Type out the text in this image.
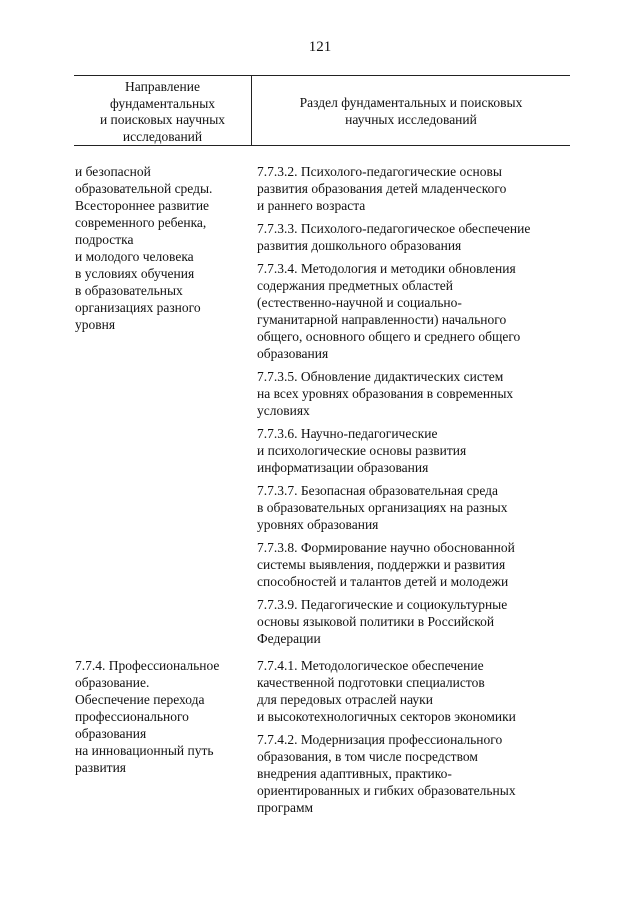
121
Направление
фундаментальных
и поисковых научных
исследований
Раздел фундаментальных и поисковых
научных исследований
и безопасной
образовательной среды.
Всестороннее развитие
современного ребенка,
подростка
и молодого человека
в условиях обучения
в образовательных
организациях разного
уровня
7.7.3.2. Психолого-педагогические основы
развития образования детей младенческого
и раннего возраста
7.7.3.3. Психолого-педагогическое обеспечение
развития дошкольного образования
7.7.3.4. Методология и методики обновления
содержания предметных областей
(естественно-научной и социально-
гуманитарной направленности) начального
общего, основного общего и среднего общего
образования
7.7.3.5. Обновление дидактических систем
на всех уровнях образования в современных
условиях
7.7.3.6. Научно-педагогические
и психологические основы развития
информатизации образования
7.7.3.7. Безопасная образовательная среда
в образовательных организациях на разных
уровнях образования
7.7.3.8. Формирование научно обоснованной
системы выявления, поддержки и развития
способностей и талантов детей и молодежи
7.7.3.9. Педагогические и социокультурные
основы языковой политики в Российской
Федерации
7.7.4. Профессиональное
образование.
Обеспечение перехода
профессионального
образования
на инновационный путь
развития
7.7.4.1. Методологическое обеспечение
качественной подготовки специалистов
для передовых отраслей науки
и высокотехнологичных секторов экономики
7.7.4.2. Модернизация профессионального
образования, в том числе посредством
внедрения адаптивных, практико-
ориентированных и гибких образовательных
программ
